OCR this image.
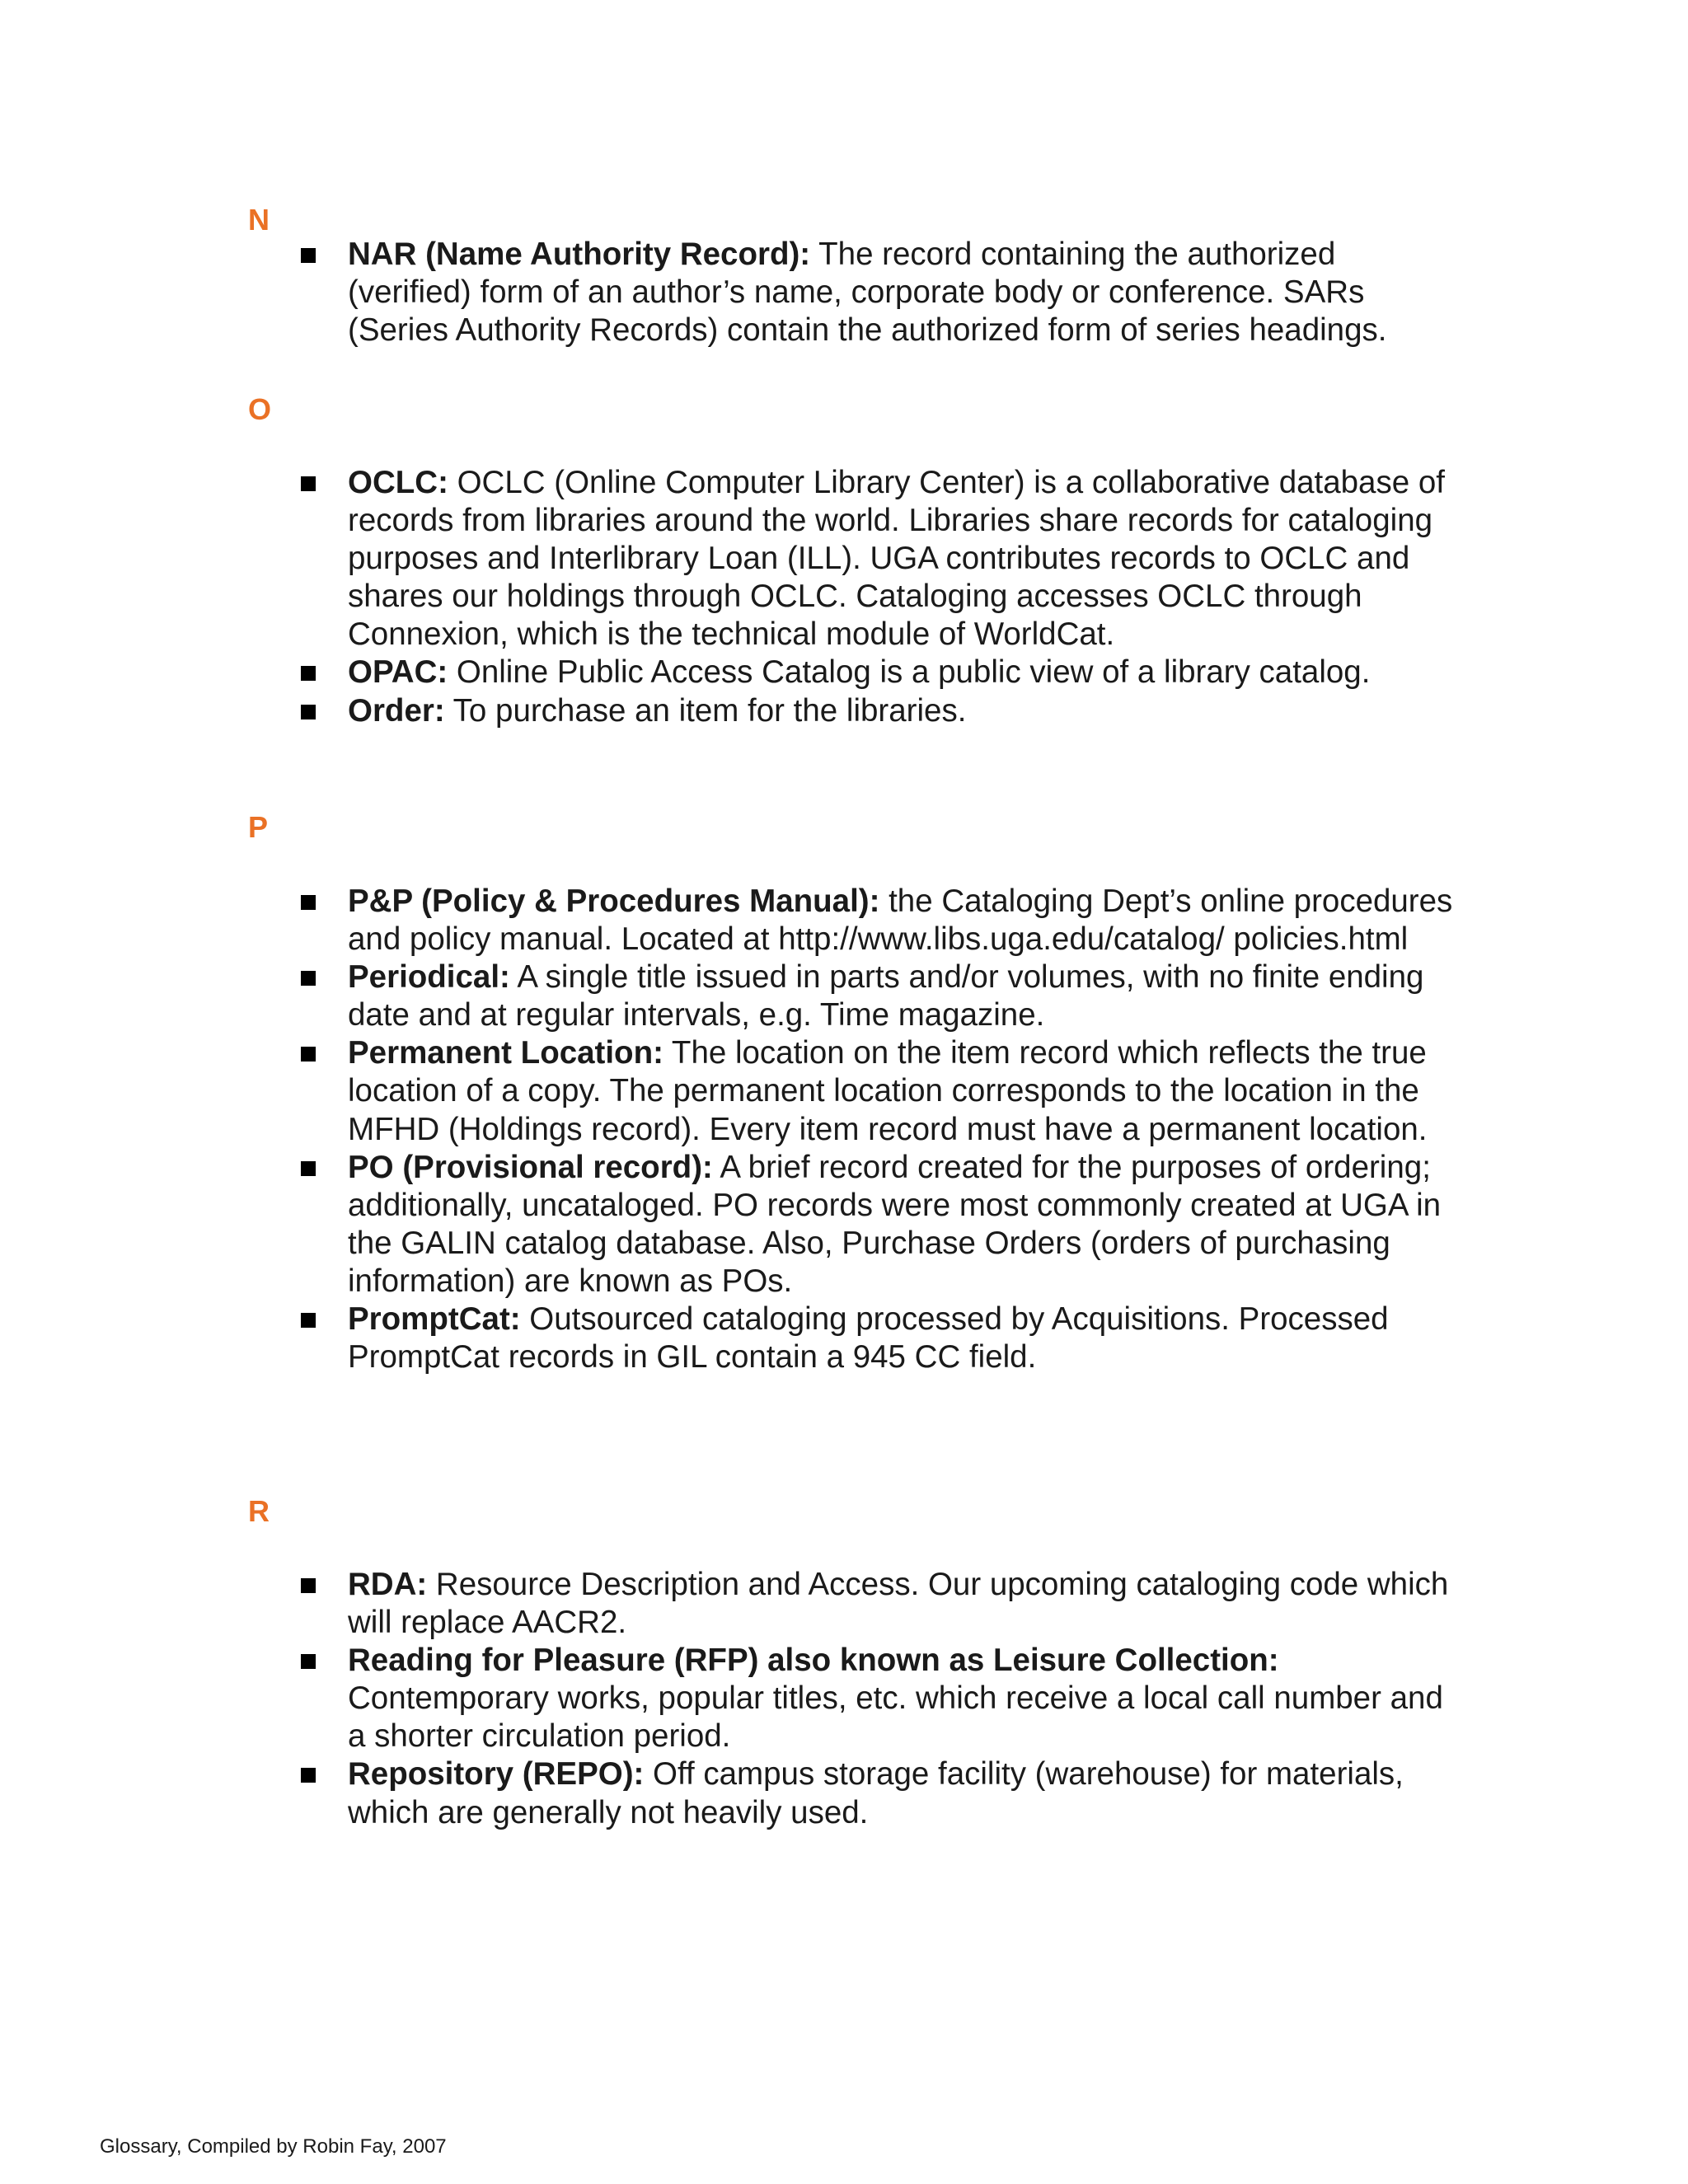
N
NAR (Name Authority Record): The record containing the authorized (verified) form of an author’s name, corporate body or conference. SARs (Series Authority Records) contain the authorized form of series headings.
O
OCLC: OCLC (Online Computer Library Center) is a collaborative database of records from libraries around the world. Libraries share records for cataloging purposes and Interlibrary Loan (ILL). UGA contributes records to OCLC and shares our holdings through OCLC. Cataloging accesses OCLC through Connexion, which is the technical module of WorldCat.
OPAC: Online Public Access Catalog is a public view of a library catalog.
Order: To purchase an item for the libraries.
P
P&P (Policy & Procedures Manual): the Cataloging Dept’s online procedures and policy manual. Located at http://www.libs.uga.edu/catalog/ policies.html
Periodical: A single title issued in parts and/or volumes, with no finite ending date and at regular intervals, e.g. Time magazine.
Permanent Location: The location on the item record which reflects the true location of a copy. The permanent location corresponds to the location in the MFHD (Holdings record). Every item record must have a permanent location.
PO (Provisional record): A brief record created for the purposes of ordering; additionally, uncataloged. PO records were most commonly created at UGA in the GALIN catalog database. Also, Purchase Orders (orders of purchasing information) are known as POs.
PromptCat: Outsourced cataloging processed by Acquisitions. Processed PromptCat records in GIL contain a 945 CC field.
R
RDA: Resource Description and Access. Our upcoming cataloging code which will replace AACR2.
Reading for Pleasure (RFP) also known as Leisure Collection: Contemporary works, popular titles, etc. which receive a local call number and a shorter circulation period.
Repository (REPO): Off campus storage facility (warehouse) for materials, which are generally not heavily used.
Glossary, Compiled by Robin Fay, 2007
